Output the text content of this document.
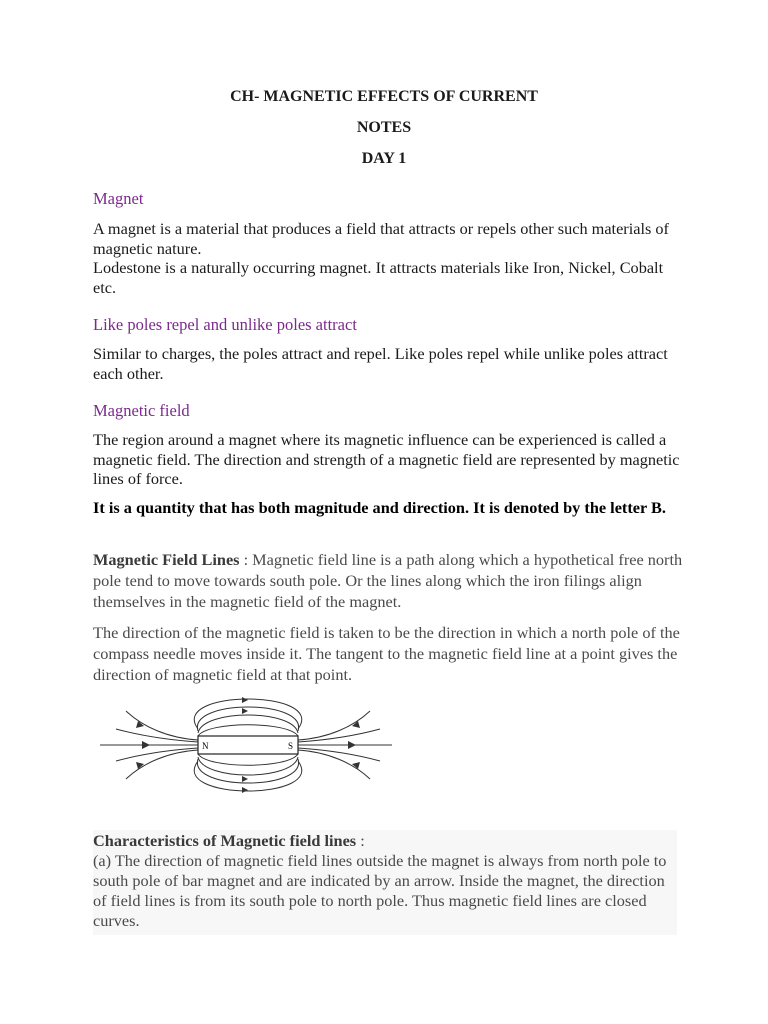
CH- MAGNETIC EFFECTS OF CURRENT
NOTES
DAY 1
Magnet
A magnet is a material that produces a field that attracts or repels other such materials of magnetic nature.
Lodestone is a naturally occurring magnet. It attracts materials like Iron, Nickel, Cobalt etc.
Like poles repel and unlike poles attract
Similar to charges, the poles attract and repel. Like poles repel while unlike poles attract each other.
Magnetic field
The region around a magnet where its magnetic influence can be experienced is called a magnetic field. The direction and strength of a magnetic field are represented by magnetic lines of force.
It is a quantity that has both magnitude and direction. It is denoted by the letter B.
Magnetic Field Lines : Magnetic field line is a path along which a hypothetical free north pole tend to move towards south pole. Or the lines along which the iron filings align themselves in the magnetic field of the magnet.
The direction of the magnetic field is taken to be the direction in which a north pole of the compass needle moves inside it. The tangent to the magnetic field line at a point gives the direction of magnetic field at that point.
N	S
Characteristics of Magnetic field lines :
(a) The direction of magnetic field lines outside the magnet is always from north pole to south pole of bar magnet and are indicated by an arrow. Inside the magnet, the direction of field lines is from its south pole to north pole. Thus magnetic field lines are closed curves.
